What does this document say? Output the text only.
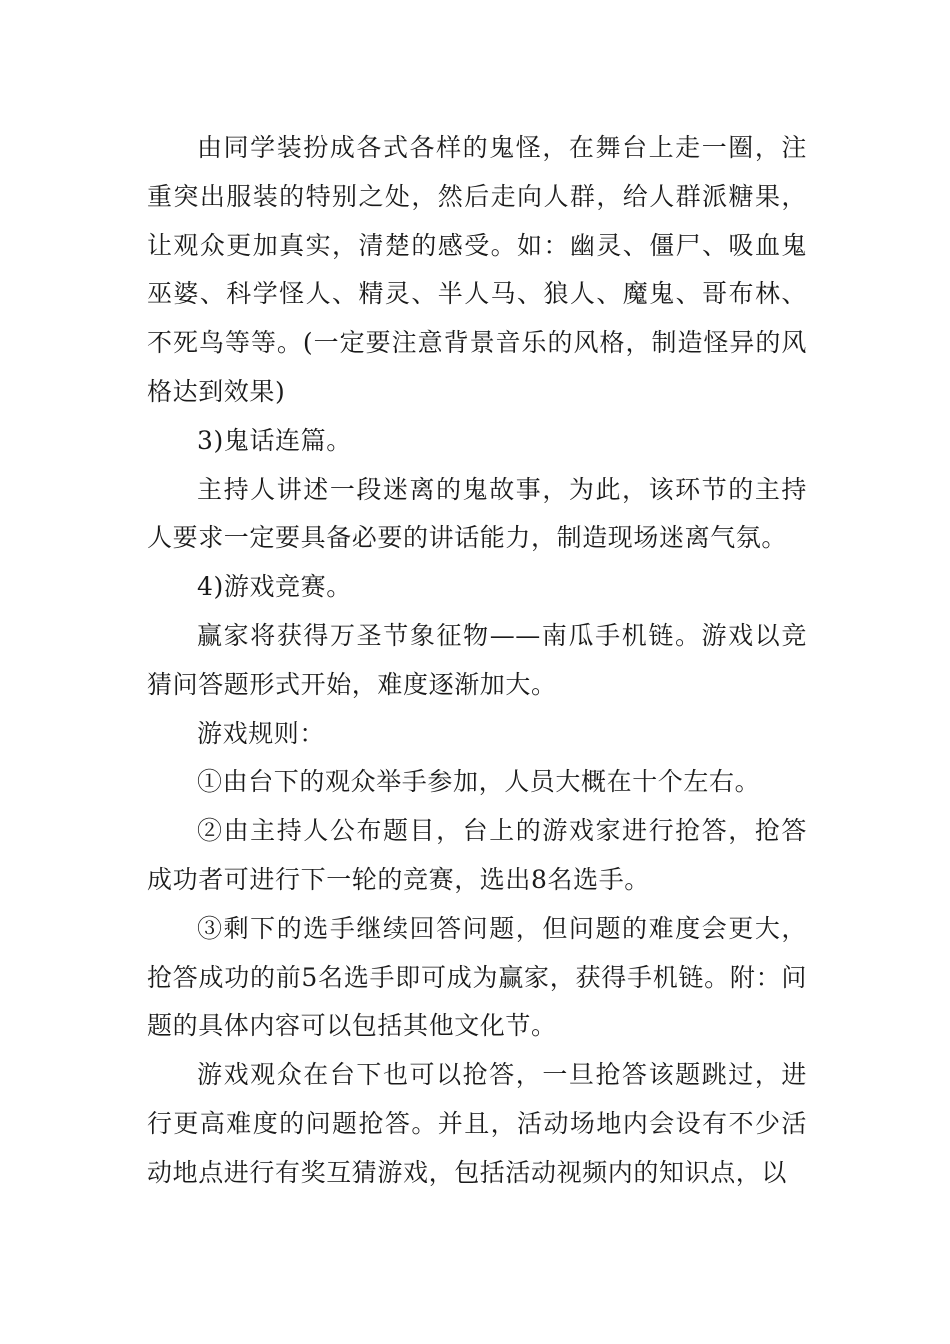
由同学装扮成各式各样的鬼怪，在舞台上走一圈，注重突出服装的特别之处，然后走向人群，给人群派糖果，让观众更加真实，清楚的感受。如：幽灵、僵尸、吸血鬼巫婆、科学怪人、精灵、半人马、狼人、魔鬼、哥布林、不死鸟等等。(一定要注意背景音乐的风格，制造怪异的风格达到效果)

3)鬼话连篇。

主持人讲述一段迷离的鬼故事，为此，该环节的主持人要求一定要具备必要的讲话能力，制造现场迷离气氛。

4)游戏竞赛。

赢家将获得万圣节象征物——南瓜手机链。游戏以竞猜问答题形式开始，难度逐渐加大。

游戏规则：

①由台下的观众举手参加，人员大概在十个左右。

②由主持人公布题目，台上的游戏家进行抢答，抢答成功者可进行下一轮的竞赛，选出8名选手。

③剩下的选手继续回答问题，但问题的难度会更大，抢答成功的前5名选手即可成为赢家，获得手机链。附：问题的具体内容可以包括其他文化节。

游戏观众在台下也可以抢答，一旦抢答该题跳过，进行更高难度的问题抢答。并且，活动场地内会设有不少活动地点进行有奖互猜游戏，包括活动视频内的知识点，以
